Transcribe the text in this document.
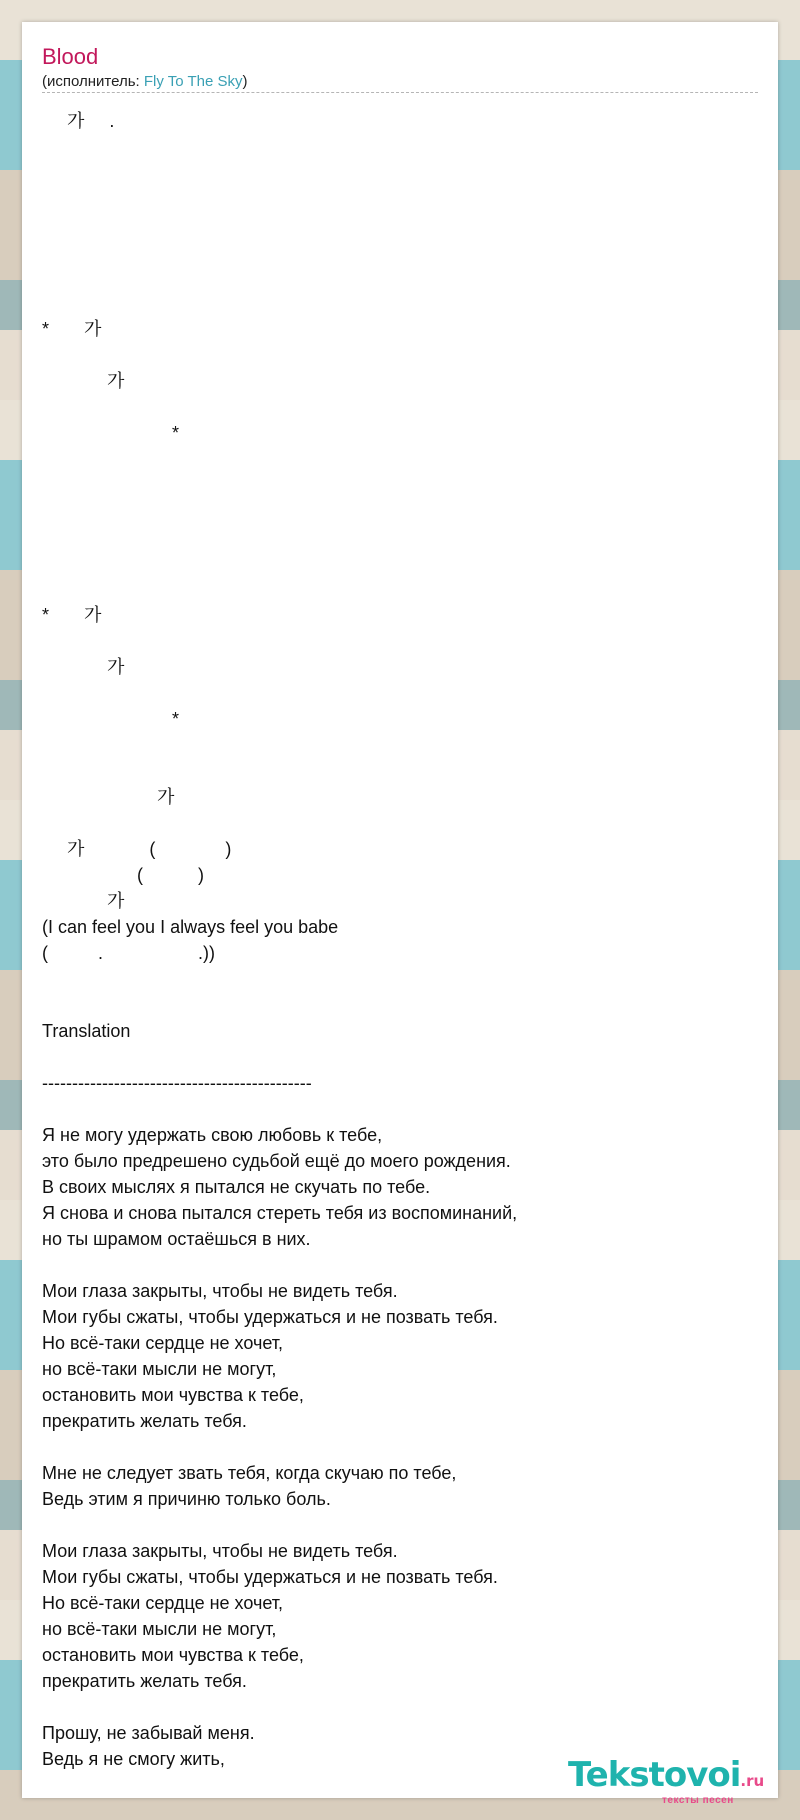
Blood
(исполнитель: Fly To The Sky)
가     .
*       가
가
*
*       가
가
*
가
가             (              )
(           )
가
(I can feel you I always feel you babe
(          .                   .))
Translation
---------------------------------------------
Я не могу удержать свою любовь к тебе,
это было предрешено судьбой ещё до моего рождения.
В своих мыслях я пытался не скучать по тебе.
Я снова и снова пытался стереть тебя из воспоминаний,
но ты шрамом остаёшься в них.
Мои глаза закрыты, чтобы не видеть тебя.
Мои губы сжаты, чтобы удержаться и не позвать тебя.
Но всё-таки сердце не хочет,
но всё-таки мысли не могут,
остановить мои чувства к тебе,
прекратить желать тебя.
Мне не следует звать тебя, когда скучаю по тебе,
Ведь этим я причиню только боль.
Мои глаза закрыты, чтобы не видеть тебя.
Мои губы сжаты, чтобы удержаться и не позвать тебя.
Но всё-таки сердце не хочет,
но всё-таки мысли не могут,
остановить мои чувства к тебе,
прекратить желать тебя.
Прошу, не забывай меня.
Ведь я не смогу жить,	Tekstovoi.ru
тексты песен
